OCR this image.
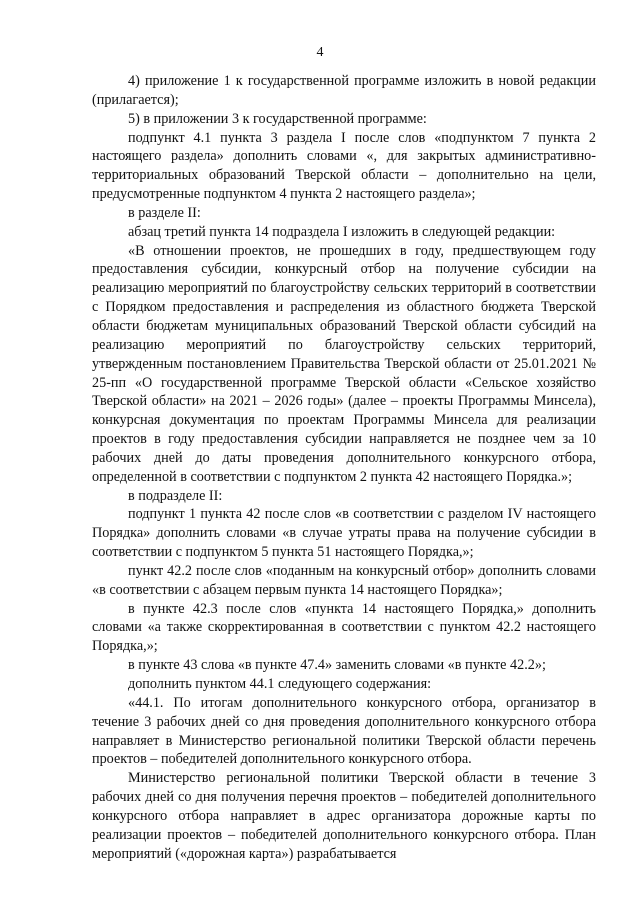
4

4) приложение 1 к государственной программе изложить в новой редакции (прилагается);

5) в приложении 3 к государственной программе:

подпункт 4.1 пункта 3 раздела I после слов «подпунктом 7 пункта 2 настоящего раздела» дополнить словами «, для закрытых административно-территориальных образований Тверской области – дополнительно на цели, предусмотренные подпунктом 4 пункта 2 настоящего раздела»;

в разделе II:

абзац третий пункта 14 подраздела I изложить в следующей редакции:

«В отношении проектов, не прошедших в году, предшествующем году предоставления субсидии, конкурсный отбор на получение субсидии на реализацию мероприятий по благоустройству сельских территорий в соответствии с Порядком предоставления и распределения из областного бюджета Тверской области бюджетам муниципальных образований Тверской области субсидий на реализацию мероприятий по благоустройству сельских территорий, утвержденным постановлением Правительства Тверской области от 25.01.2021 № 25-пп «О государственной программе Тверской области «Сельское хозяйство Тверской области» на 2021 – 2026 годы» (далее – проекты Программы Минсела), конкурсная документация по проектам Программы Минсела для реализации проектов в году предоставления субсидии направляется не позднее чем за 10 рабочих дней до даты проведения дополнительного конкурсного отбора, определенной в соответствии с подпунктом 2 пункта 42 настоящего Порядка.»;

в подразделе II:

подпункт 1 пункта 42 после слов «в соответствии с разделом IV настоящего Порядка» дополнить словами «в случае утраты права на получение субсидии в соответствии с подпунктом 5 пункта 51 настоящего Порядка,»;

пункт 42.2 после слов «поданным на конкурсный отбор» дополнить словами «в соответствии с абзацем первым пункта 14 настоящего Порядка»;

в пункте 42.3 после слов «пункта 14 настоящего Порядка,» дополнить словами «а также скорректированная в соответствии с пунктом 42.2 настоящего Порядка,»;

в пункте 43 слова «в пункте 47.4» заменить словами «в пункте 42.2»;

дополнить пунктом 44.1 следующего содержания:

«44.1. По итогам дополнительного конкурсного отбора, организатор в течение 3 рабочих дней со дня проведения дополнительного конкурсного отбора направляет в Министерство региональной политики Тверской области перечень проектов – победителей дополнительного конкурсного отбора.

Министерство региональной политики Тверской области в течение 3 рабочих дней со дня получения перечня проектов – победителей дополнительного конкурсного отбора направляет в адрес организатора дорожные карты по реализации проектов – победителей дополнительного конкурсного отбора. План мероприятий («дорожная карта») разрабатывается
